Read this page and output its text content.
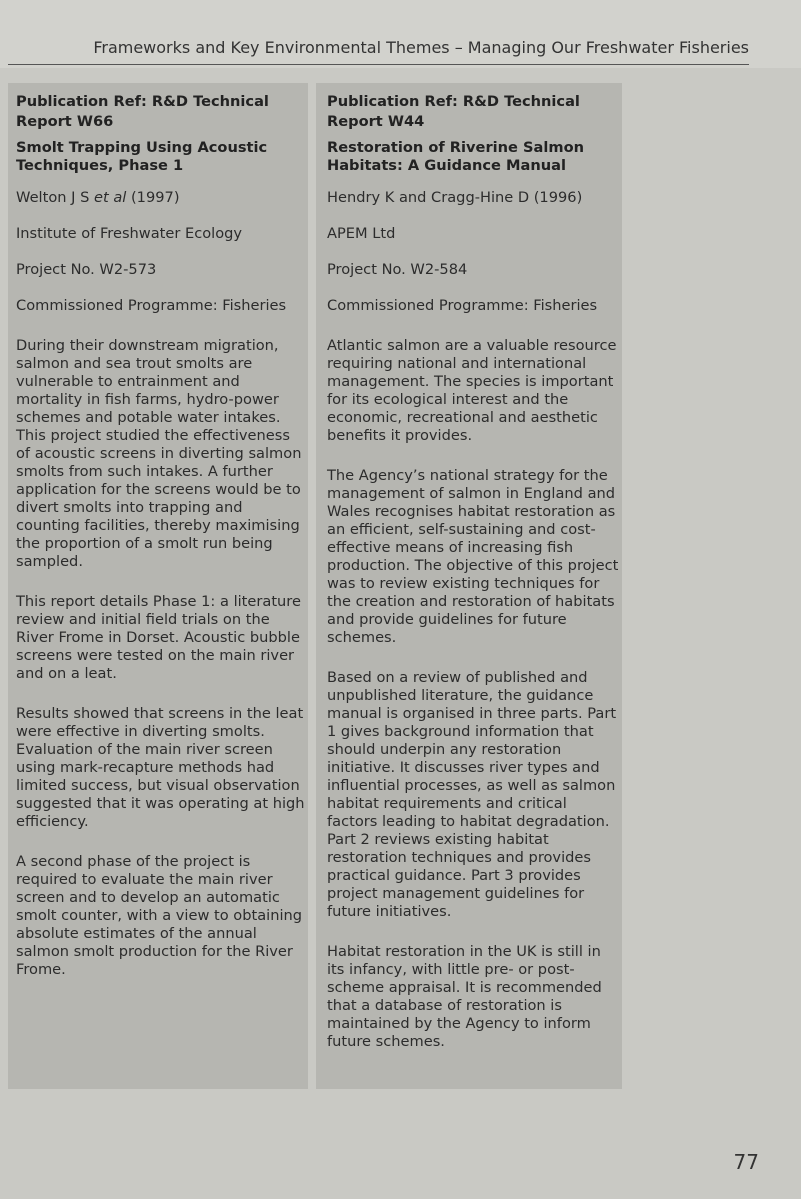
Frameworks and Key Environmental Themes – Managing Our Freshwater Fisheries
Publication Ref: R&D Technical Report W66
Smolt Trapping Using Acoustic Techniques, Phase 1
Welton J S et al (1997)
Institute of Freshwater Ecology
Project No. W2-573
Commissioned Programme: Fisheries
During their downstream migration, salmon and sea trout smolts are vulnerable to entrainment and mortality in fish farms, hydro-power schemes and potable water intakes. This project studied the effectiveness of acoustic screens in diverting salmon smolts from such intakes. A further application for the screens would be to divert smolts into trapping and counting facilities, thereby maximising the proportion of a smolt run being sampled.
This report details Phase 1: a literature review and initial field trials on the River Frome in Dorset. Acoustic bubble screens were tested on the main river and on a leat.
Results showed that screens in the leat were effective in diverting smolts. Evaluation of the main river screen using mark-recapture methods had limited success, but visual observation suggested that it was operating at high efficiency.
A second phase of the project is required to evaluate the main river screen and to develop an automatic smolt counter, with a view to obtaining absolute estimates of the annual salmon smolt production for the River Frome.
Publication Ref: R&D Technical Report W44
Restoration of Riverine Salmon Habitats: A Guidance Manual
Hendry K and Cragg-Hine D (1996)
APEM Ltd
Project No. W2-584
Commissioned Programme: Fisheries
Atlantic salmon are a valuable resource requiring national and international management. The species is important for its ecological interest and the economic, recreational and aesthetic benefits it provides.
The Agency’s national strategy for the management of salmon in England and Wales recognises habitat restoration as an efficient, self-sustaining and cost-effective means of increasing fish production. The objective of this project was to review existing techniques for the creation and restoration of habitats and provide guidelines for future schemes.
Based on a review of published and unpublished literature, the guidance manual is organised in three parts. Part 1 gives background information that should underpin any restoration initiative. It discusses river types and influential processes, as well as salmon habitat requirements and critical factors leading to habitat degradation. Part 2 reviews existing habitat restoration techniques and provides practical guidance. Part 3 provides project management guidelines for future initiatives.
Habitat restoration in the UK is still in its infancy, with little pre- or post-scheme appraisal. It is recommended that a database of restoration is maintained by the Agency to inform future schemes.
77
